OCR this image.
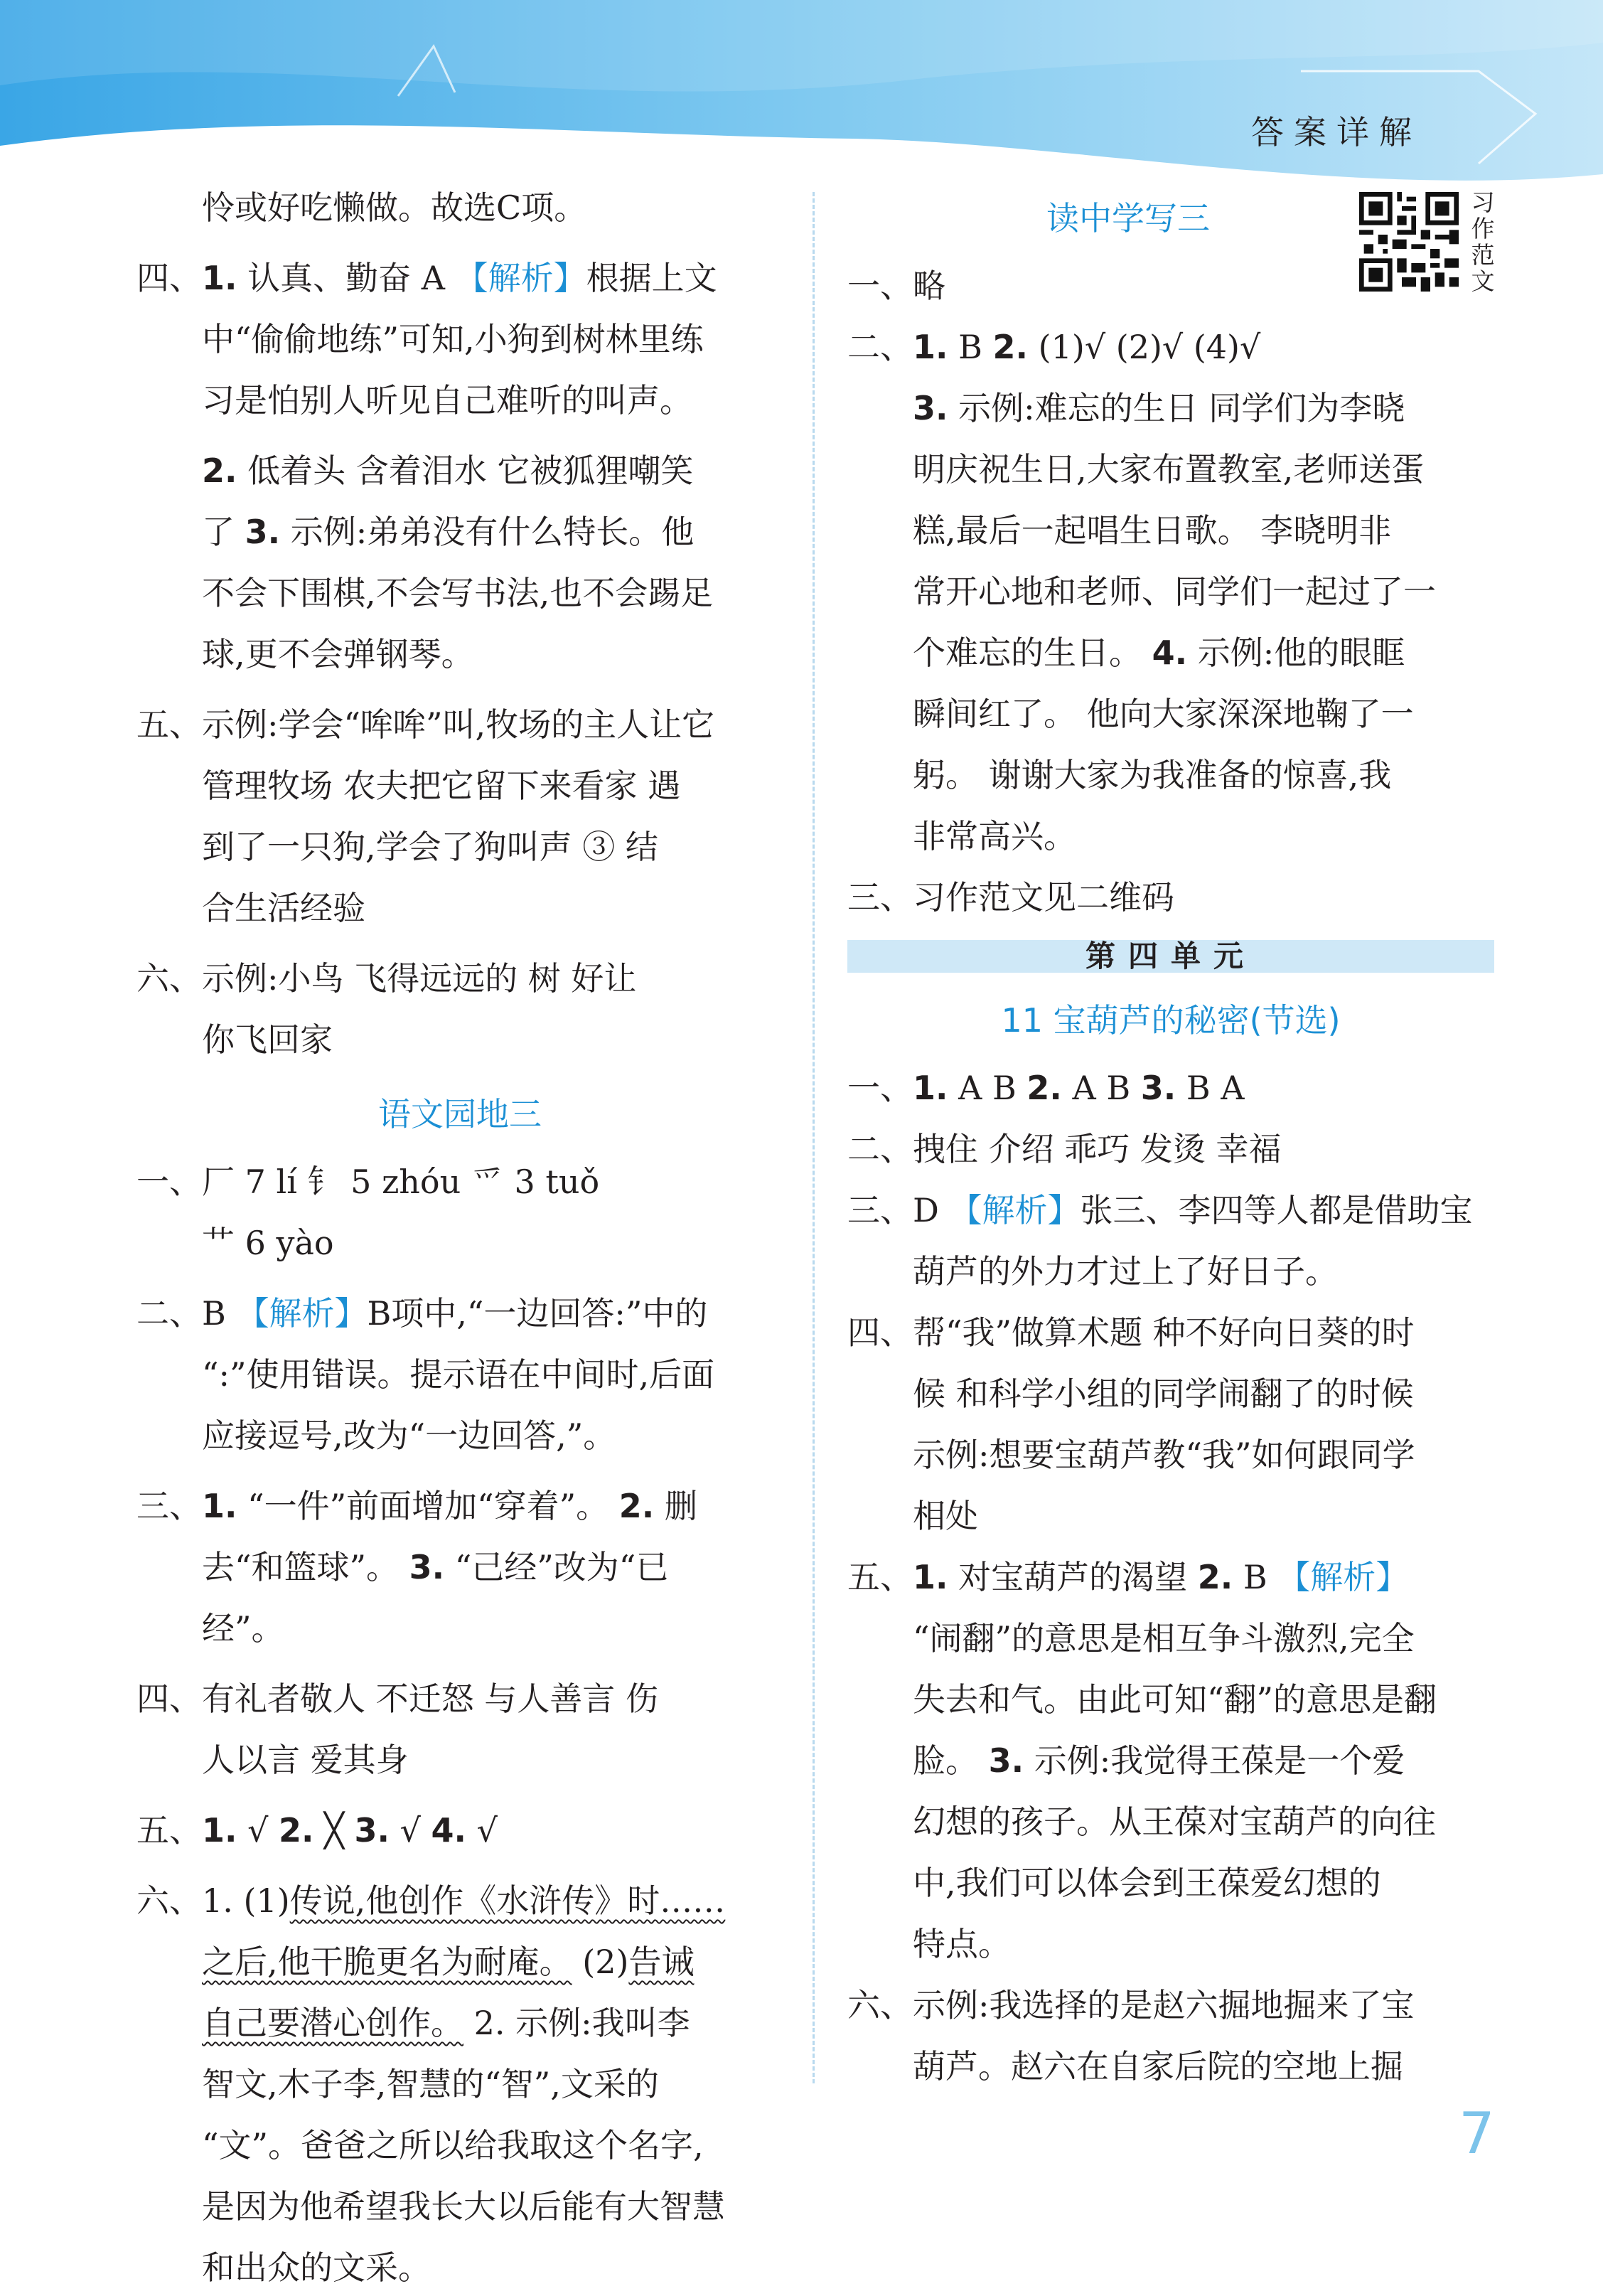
答案详解
习作范文
怜或好吃懒做。故选C项。
四、 1. 认真、勤奋 A 【解析】根据上文
中“偷偷地练”可知,小狗到树林里练
习是怕别人听见自己难听的叫声。
2. 低着头 含着泪水 它被狐狸嘲笑
了 3. 示例:弟弟没有什么特长。他
不会下围棋,不会写书法,也不会踢足
球,更不会弹钢琴。
五、 示例:学会“哞哞”叫,牧场的主人让它
管理牧场 农夫把它留下来看家 遇
到了一只狗,学会了狗叫声 ③ 结
合生活经验
六、 示例:小鸟 飞得远远的 树 好让
你飞回家
语文园地三
一、 厂 7 lí 钅 5 zhóu 爫 3 tuǒ
艹 6 yào
二、 B 【解析】B项中,“一边回答:”中的
“:”使用错误。提示语在中间时,后面
应接逗号,改为“一边回答,”。
三、 1. “一件”前面增加“穿着”。 2. 删
去“和篮球”。 3. “己经”改为“已
经”。
四、 有礼者敬人 不迁怒 与人善言 伤
人以言 爱其身
五、 1. √ 2. ╳ 3. √ 4. √
六、 1. (1)传说,他创作《水浒传》时……
之后,他干脆更名为耐庵。 (2)告诫
自己要潜心创作。 2. 示例:我叫李
智文,木子李,智慧的“智”,文采的
“文”。爸爸之所以给我取这个名字,
是因为他希望我长大以后能有大智慧
和出众的文采。
读中学写三
一、 略
二、 1. B 2. (1)√ (2)√ (4)√
3. 示例:难忘的生日 同学们为李晓
明庆祝生日,大家布置教室,老师送蛋
糕,最后一起唱生日歌。 李晓明非
常开心地和老师、同学们一起过了一
个难忘的生日。 4. 示例:他的眼眶
瞬间红了。 他向大家深深地鞠了一
躬。 谢谢大家为我准备的惊喜,我
非常高兴。
三、 习作范文见二维码
第四单元
11 宝葫芦的秘密(节选)
一、 1. A B 2. A B 3. B A
二、 拽住 介绍 乖巧 发烫 幸福
三、 D 【解析】张三、李四等人都是借助宝
葫芦的外力才过上了好日子。
四、 帮“我”做算术题 种不好向日葵的时
候 和科学小组的同学闹翻了的时候
示例:想要宝葫芦教“我”如何跟同学
相处
五、 1. 对宝葫芦的渴望 2. B 【解析】
“闹翻”的意思是相互争斗激烈,完全
失去和气。由此可知“翻”的意思是翻
脸。 3. 示例:我觉得王葆是一个爱
幻想的孩子。从王葆对宝葫芦的向往
中,我们可以体会到王葆爱幻想的
特点。
六、 示例:我选择的是赵六掘地掘来了宝
葫芦。赵六在自家后院的空地上掘
7
